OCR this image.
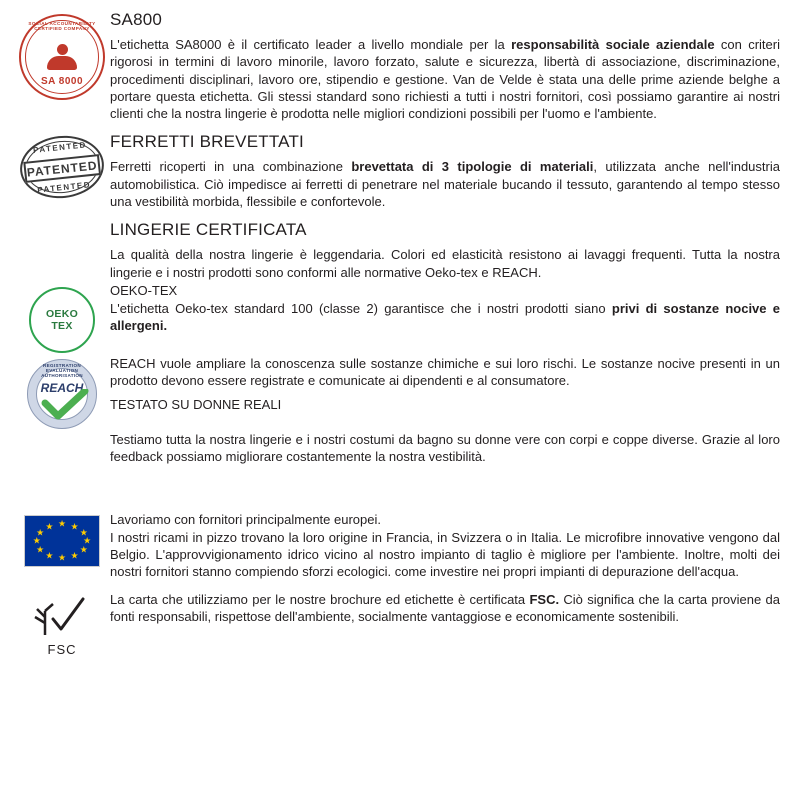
SOCIAL ACCOUNTABILITY CERTIFIED COMPANY
SA 8000
SA800

L'etichetta SA8000 è il certificato leader a livello mondiale per la responsabilità sociale aziendale con criteri rigorosi in termini di lavoro minorile, lavoro forzato, salute e sicurezza, libertà di associazione, discriminazione, procedimenti disciplinari, lavoro ore, stipendio e gestione. Van de Velde è stata una delle prime aziende belghe a portare questa etichetta. Gli stessi standard sono richiesti a tutti i nostri fornitori, così possiamo garantire ai nostri clienti che la nostra lingerie è prodotta nelle migliori condizioni possibili per l'uomo e l'ambiente.

PATENTED
PATENTED
PATENTED
FERRETTI BREVETTATI

Ferretti ricoperti in una combinazione brevettata di 3 tipologie di materiali, utilizzata anche nell'industria automobilistica. Ciò impedisce ai ferretti di penetrare nel materiale bucando il tessuto, garantendo al tempo stesso una vestibilità morbida, flessibile e confortevole.

LINGERIE CERTIFICATA

La qualità della nostra lingerie è leggendaria. Colori ed elasticità resistono ai lavaggi frequenti. Tutta la nostra lingerie e i nostri prodotti sono conformi alle normative Oeko-tex e REACH.

OEKO
TEX
OEKO-TEX

L'etichetta Oeko-tex standard 100 (classe 2) garantisce che i nostri prodotti siano privi di sostanze nocive e allergeni.

REGISTRATION EVALUATION AUTHORISATION
REACH

REACH vuole ampliare la conoscenza sulle sostanze chimiche e sui loro rischi. Le sostanze nocive presenti in un prodotto devono essere registrate e comunicate ai dipendenti e al consumatore.

TESTATO SU DONNE REALI

Testiamo tutta la nostra lingerie e i nostri costumi da bagno su donne vere con corpi e coppe diverse. Grazie al loro feedback possiamo migliorare costantemente la nostra vestibilità.

★ ★
★
★
★
★
★
★
★
★
★
★	Lavoriamo con fornitori principalmente europei.

I nostri ricami in pizzo trovano la loro origine in Francia, in Svizzera o in Italia. Le microfibre innovative vengono dal Belgio. L'approvvigionamento idrico vicino al nostro impianto di taglio è migliore per l'ambiente. Inoltre, molti dei nostri fornitori stanno compiendo sforzi ecologici. come investire nei propri impianti di depurazione dell'acqua.

FSC

La carta che utilizziamo per le nostre brochure ed etichette è certificata FSC. Ciò significa che la carta proviene da fonti responsabili, rispettose dell'ambiente, socialmente vantaggiose e economicamente sostenibili.
